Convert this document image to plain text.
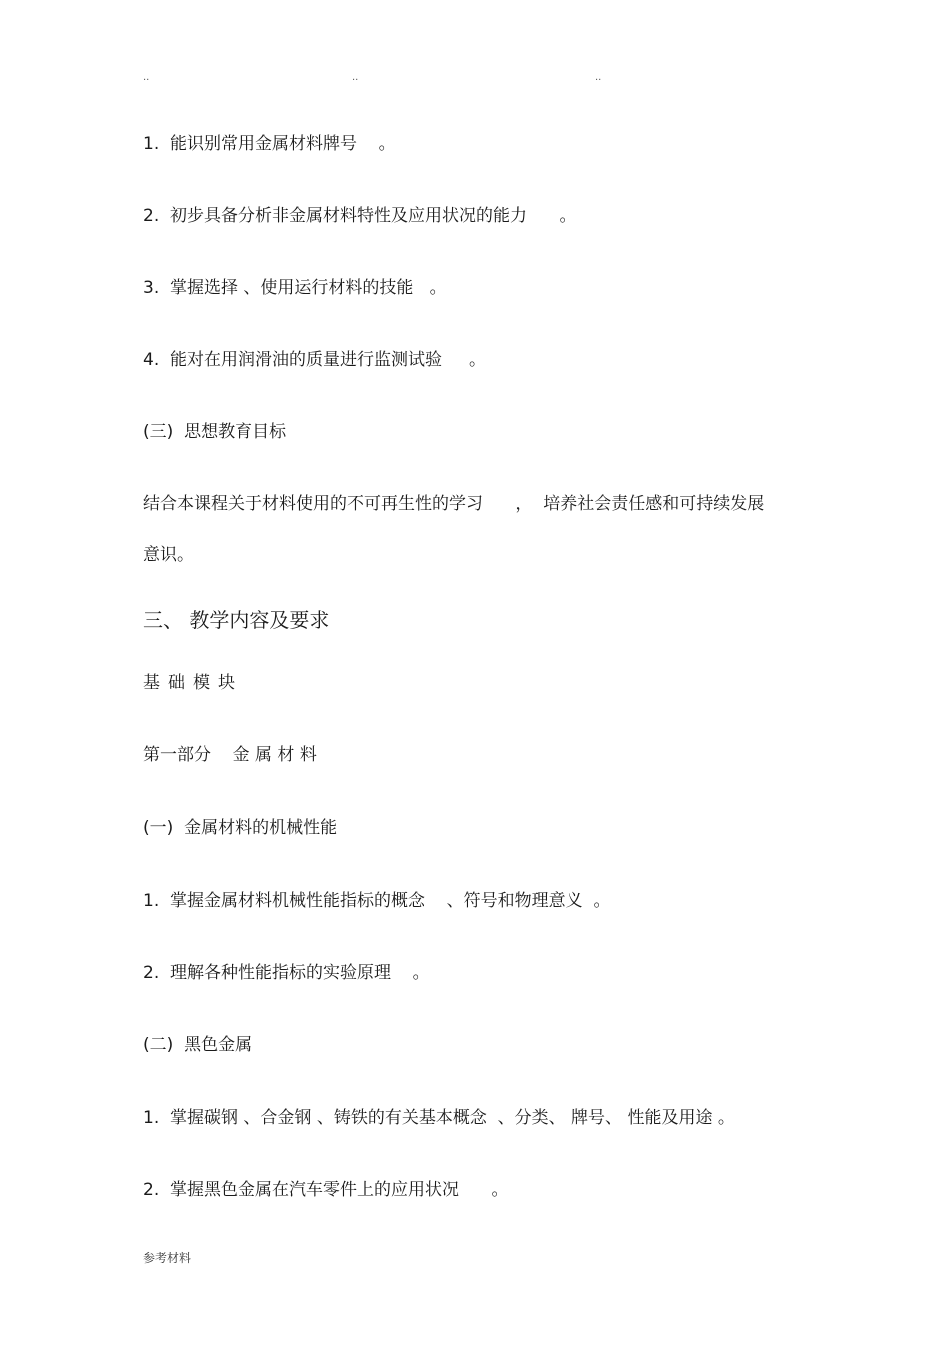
..	..	..
1.  能识别常用金属材料牌号    。
2.  初步具备分析非金属材料特性及应用状况的能力      。
3.  掌握选择 、使用运行材料的技能   。
4.  能对在用润滑油的质量进行监测试验     。
(三)  思想教育目标
结合本课程关于材料使用的不可再生性的学习      ，  培养社会责任感和可持续发展
意识。
三、 教学内容及要求
基础模块
第一部分    金 属 材 料
(一)  金属材料的机械性能
1.  掌握金属材料机械性能指标的概念    、符号和物理意义  。
2.  理解各种性能指标的实验原理    。
(二)  黑色金属
1.  掌握碳钢 、合金钢 、铸铁的有关基本概念  、分类、 牌号、 性能及用途 。
2.  掌握黑色金属在汽车零件上的应用状况      。
参考材料
